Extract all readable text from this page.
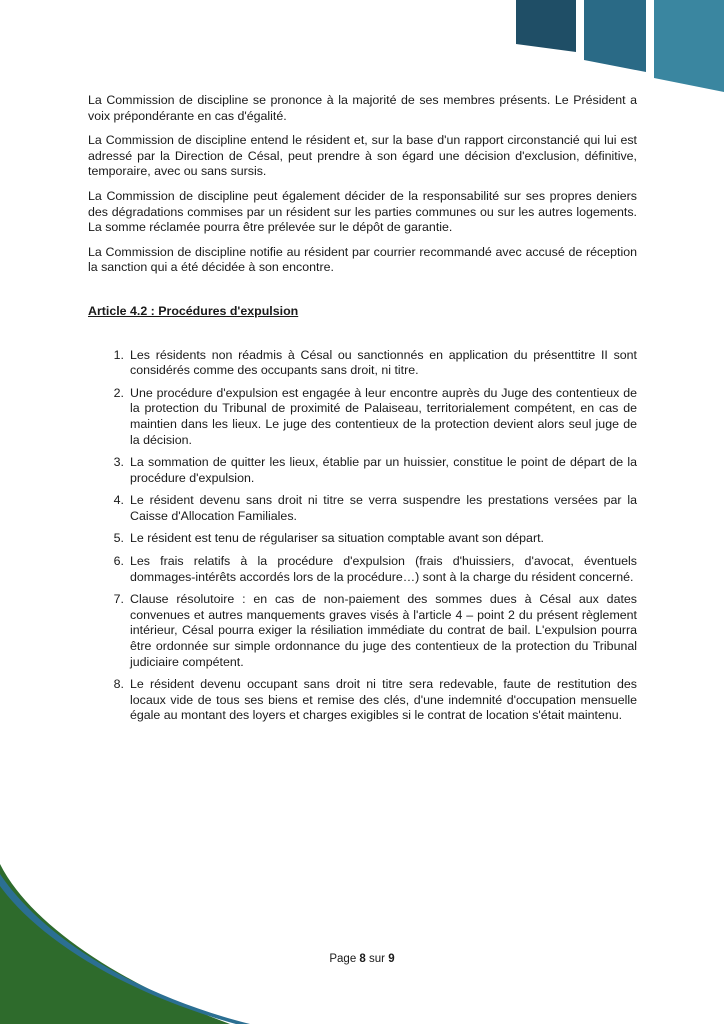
La Commission de discipline se prononce à la majorité de ses membres présents. Le Président a voix prépondérante en cas d'égalité.

La Commission de discipline entend le résident et, sur la base d'un rapport circonstancié qui lui est adressé par la Direction de Césal, peut prendre à son égard une décision d'exclusion, définitive, temporaire, avec ou sans sursis.

La Commission de discipline peut également décider de la responsabilité sur ses propres deniers des dégradations commises par un résident sur les parties communes ou sur les autres logements. La somme réclamée pourra être prélevée sur le dépôt de garantie.

La Commission de discipline notifie au résident par courrier recommandé avec accusé de réception la sanction qui a été décidée à son encontre.

Article 4.2 : Procédures d'expulsion
1. Les résidents non réadmis à Césal ou sanctionnés en application du présenttitre II sont considérés comme des occupants sans droit, ni titre.
2. Une procédure d'expulsion est engagée à leur encontre auprès du Juge des contentieux de la protection du Tribunal de proximité de Palaiseau, territorialement compétent, en cas de maintien dans les lieux. Le juge des contentieux de la protection devient alors seul juge de la décision.
3. La sommation de quitter les lieux, établie par un huissier, constitue le point de départ de la procédure d'expulsion.
4. Le résident devenu sans droit ni titre se verra suspendre les prestations versées par la Caisse d'Allocation Familiales.
5. Le résident est tenu de régulariser sa situation comptable avant son départ.
6. Les frais relatifs à la procédure d'expulsion (frais d'huissiers, d'avocat, éventuels dommages-intérêts accordés lors de la procédure…) sont à la charge du résident concerné.
7. Clause résolutoire : en cas de non-paiement des sommes dues à Césal aux dates convenues et autres manquements graves visés à l'article 4 – point 2 du présent règlement intérieur, Césal pourra exiger la résiliation immédiate du contrat de bail. L'expulsion pourra être ordonnée sur simple ordonnance du juge des contentieux de la protection du Tribunal judiciaire compétent.
8. Le résident devenu occupant sans droit ni titre sera redevable, faute de restitution des locaux vide de tous ses biens et remise des clés, d'une indemnité d'occupation mensuelle égale au montant des loyers et charges exigibles si le contrat de location s'était maintenu.
Page 8 sur 9
